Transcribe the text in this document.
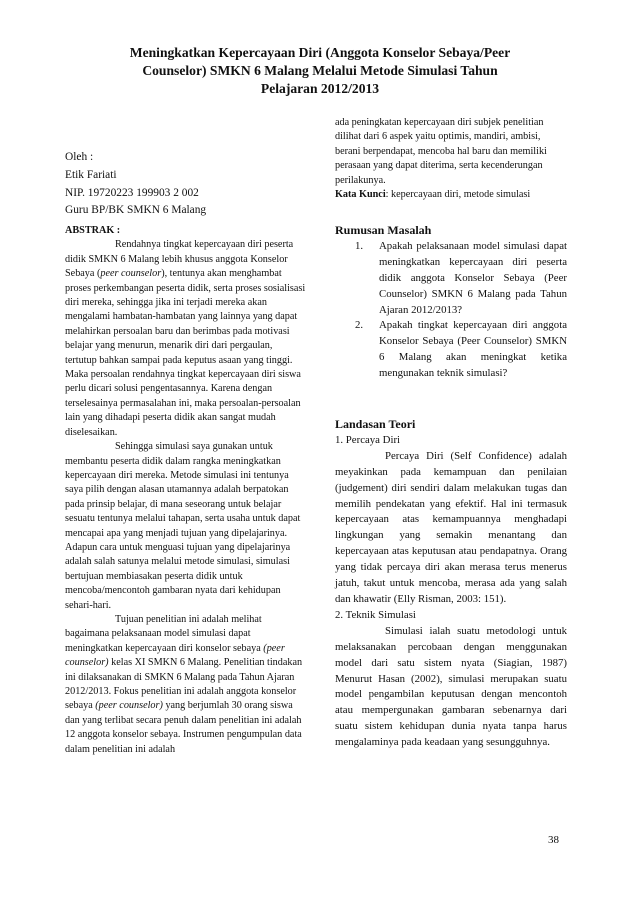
Meningkatkan Kepercayaan Diri (Anggota Konselor Sebaya/Peer
Counselor) SMKN 6 Malang Melalui Metode Simulasi Tahun
Pelajaran 2012/2013
Oleh :
Etik Fariati
NIP. 19720223 199903 2 002
Guru BP/BK SMKN 6 Malang

ABSTRAK :

Rendahnya tingkat kepercayaan diri peserta didik SMKN 6 Malang lebih khusus anggota Konselor Sebaya (peer counselor), tentunya akan menghambat proses perkembangan peserta didik, serta proses sosialisasi diri mereka, sehingga jika ini terjadi mereka akan mengalami hambatan-hambatan yang lainnya yang dapat melahirkan persoalan baru dan berimbas pada motivasi belajar yang menurun, menarik diri dari pergaulan, tertutup bahkan sampai pada keputus asaan yang tinggi. Maka persoalan rendahnya tingkat kepercayaan diri siswa perlu dicari solusi pengentasannya. Karena dengan terselesainya permasalahan ini, maka persoalan-persoalan lain yang dihadapi peserta didik akan sangat mudah diselesaikan.

Sehingga simulasi saya gunakan untuk membantu peserta didik dalam rangka meningkatkan kepercayaan diri mereka. Metode simulasi ini tentunya saya pilih dengan alasan utamannya adalah berpatokan pada prinsip belajar, di mana seseorang untuk belajar sesuatu tentunya melalui tahapan, serta usaha untuk dapat mencapai apa yang menjadi tujuan yang dipelajarinya. Adapun cara untuk menguasi tujuan yang dipelajarinya adalah salah satunya melalui metode simulasi, simulasi bertujuan membiasakan peserta didik untuk mencoba/mencontoh gambaran nyata dari kehidupan sehari-hari.

Tujuan penelitian ini adalah melihat bagaimana pelaksanaan model simulasi dapat meningkatkan kepercayaan diri konselor sebaya (peer counselor) kelas XI SMKN 6 Malang. Penelitian tindakan ini dilaksanakan di SMKN 6 Malang pada Tahun Ajaran 2012/2013. Fokus penelitian ini adalah anggota konselor sebaya (peer counselor) yang berjumlah 30 orang siswa dan yang terlibat secara penuh dalam penelitian ini adalah 12 anggota konselor sebaya. Instrumen pengumpulan data dalam penelitian ini adalah

ada peningkatan kepercayaan diri subjek penelitian dilihat dari 6 aspek yaitu optimis, mandiri, ambisi, berani berpendapat, mencoba hal baru dan memiliki perasaan yang dapat diterima, serta kecenderungan perilakunya.

Kata Kunci: kepercayaan diri, metode simulasi

Rumusan Masalah

1.	Apakah pelaksanaan model simulasi dapat meningkatkan kepercayaan diri peserta didik anggota Konselor Sebaya (Peer Counselor) SMKN 6 Malang pada Tahun Ajaran 2012/2013?
2.	Apakah tingkat kepercayaan diri anggota Konselor Sebaya (Peer Counselor) SMKN 6 Malang akan meningkat ketika mengunakan teknik simulasi?

Landasan Teori

1. Percaya Diri

Percaya Diri (Self Confidence) adalah meyakinkan pada kemampuan dan penilaian (judgement) diri sendiri dalam melakukan tugas dan memilih pendekatan yang efektif. Hal ini termasuk kepercayaan atas kemampuannya menghadapi lingkungan yang semakin menantang dan kepercayaan atas keputusan atau pendapatnya. Orang yang tidak percaya diri akan merasa terus menerus jatuh, takut untuk mencoba, merasa ada yang salah dan khawatir (Elly Risman, 2003: 151).

2. Teknik Simulasi

Simulasi ialah suatu metodologi untuk melaksanakan percobaan dengan menggunakan model dari satu sistem nyata (Siagian, 1987) Menurut Hasan (2002), simulasi merupakan suatu model pengambilan keputusan dengan mencontoh atau mempergunakan gambaran sebenarnya dari suatu sistem kehidupan dunia nyata tanpa harus mengalaminya pada keadaan yang sesungguhnya.

38
